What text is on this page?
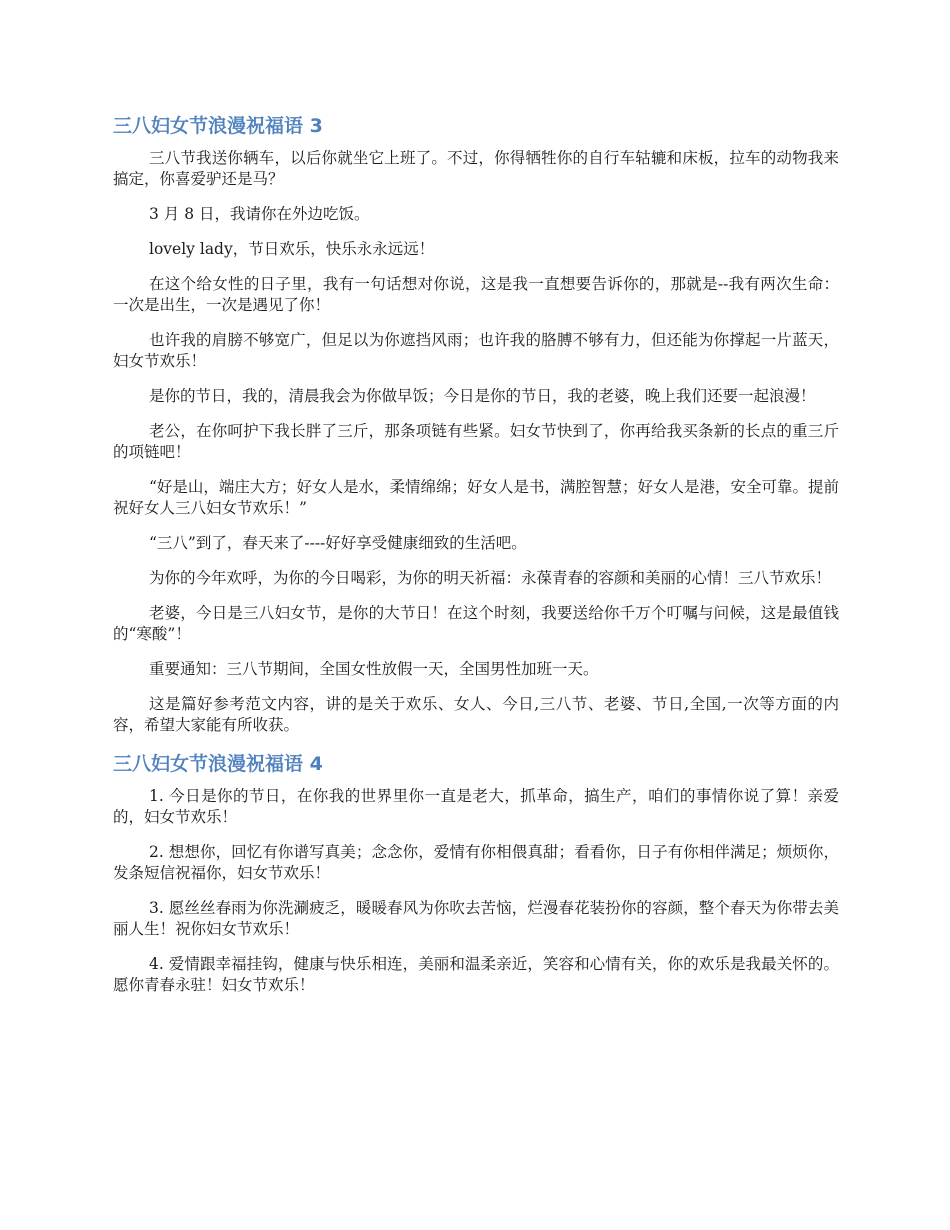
三八妇女节浪漫祝福语 3

三八节我送你辆车，以后你就坐它上班了。不过，你得牺牲你的自行车轱辘和床板，拉车的动物我来搞定，你喜爱驴还是马？

3 月 8 日，我请你在外边吃饭。

lovely lady，节日欢乐，快乐永永远远！

在这个给女性的日子里，我有一句话想对你说，这是我一直想要告诉你的，那就是--我有两次生命：一次是出生，一次是遇见了你！

也许我的肩膀不够宽广，但足以为你遮挡风雨；也许我的胳膊不够有力，但还能为你撑起一片蓝天，妇女节欢乐！

是你的节日，我的，清晨我会为你做早饭；今日是你的节日，我的老婆，晚上我们还要一起浪漫！

老公，在你呵护下我长胖了三斤，那条项链有些紧。妇女节快到了，你再给我买条新的长点的重三斤的项链吧！

“好是山，端庄大方；好女人是水，柔情绵绵；好女人是书，满腔智慧；好女人是港，安全可靠。提前祝好女人三八妇女节欢乐！”

“三八”到了，春天来了----好好享受健康细致的生活吧。

为你的今年欢呼，为你的今日喝彩，为你的明天祈福：永葆青春的容颜和美丽的心情！三八节欢乐！

老婆，今日是三八妇女节，是你的大节日！在这个时刻，我要送给你千万个叮嘱与问候，这是最值钱的“寒酸”！

重要通知：三八节期间，全国女性放假一天，全国男性加班一天。

这是篇好参考范文内容，讲的是关于欢乐、女人、今日,三八节、老婆、节日,全国,一次等方面的内容，希望大家能有所收获。

三八妇女节浪漫祝福语 4

1. 今日是你的节日，在你我的世界里你一直是老大，抓革命，搞生产，咱们的事情你说了算！亲爱的，妇女节欢乐！

2. 想想你，回忆有你谱写真美；念念你，爱情有你相偎真甜；看看你，日子有你相伴满足；烦烦你，发条短信祝福你，妇女节欢乐！

3. 愿丝丝春雨为你洗涮疲乏，暖暖春风为你吹去苦恼，烂漫春花装扮你的容颜，整个春天为你带去美丽人生！祝你妇女节欢乐！

4. 爱情跟幸福挂钩，健康与快乐相连，美丽和温柔亲近，笑容和心情有关，你的欢乐是我最关怀的。愿你青春永驻！妇女节欢乐！
